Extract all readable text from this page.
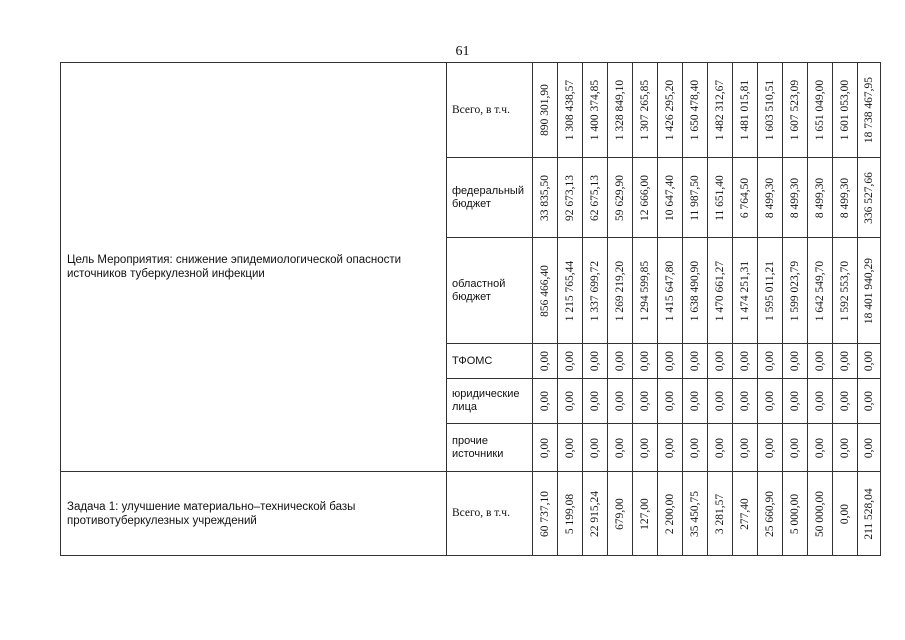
61
Цель Мероприятия: снижение эпидемиологической опасности источников туберкулезной инфекции	Всего, в т.ч.	890 301,90	1 308 438,57	1 400 374,85	1 328 849,10	1 307 265,85	1 426 295,20	1 650 478,40	1 482 312,67	1 481 015,81	1 603 510,51	1 607 523,09	1 651 049,00	1 601 053,00	18 738 467,95

	федеральный бюджет	33 835,50	92 673,13	62 675,13	59 629,90	12 666,00	10 647,40	11 987,50	11 651,40	6 764,50	8 499,30	8 499,30	8 499,30	8 499,30	336 527,66

	областной бюджет	856 466,40	1 215 765,44	1 337 699,72	1 269 219,20	1 294 599,85	1 415 647,80	1 638 490,90	1 470 661,27	1 474 251,31	1 595 011,21	1 599 023,79	1 642 549,70	1 592 553,70	18 401 940,29

	ТФОМС	0,00	0,00	0,00	0,00	0,00	0,00	0,00	0,00	0,00	0,00	0,00	0,00	0,00	0,00

	юридические лица	0,00	0,00	0,00	0,00	0,00	0,00	0,00	0,00	0,00	0,00	0,00	0,00	0,00	0,00

	прочие источники	0,00	0,00	0,00	0,00	0,00	0,00	0,00	0,00	0,00	0,00	0,00	0,00	0,00	0,00

Задача 1: улучшение материально–технической базы противотуберкулезных учреждений	Всего, в т.ч.	60 737,10	5 199,08	22 915,24	679,00	127,00	2 200,00	35 450,75	3 281,57	277,40	25 660,90	5 000,00	50 000,00	0,00	211 528,04
